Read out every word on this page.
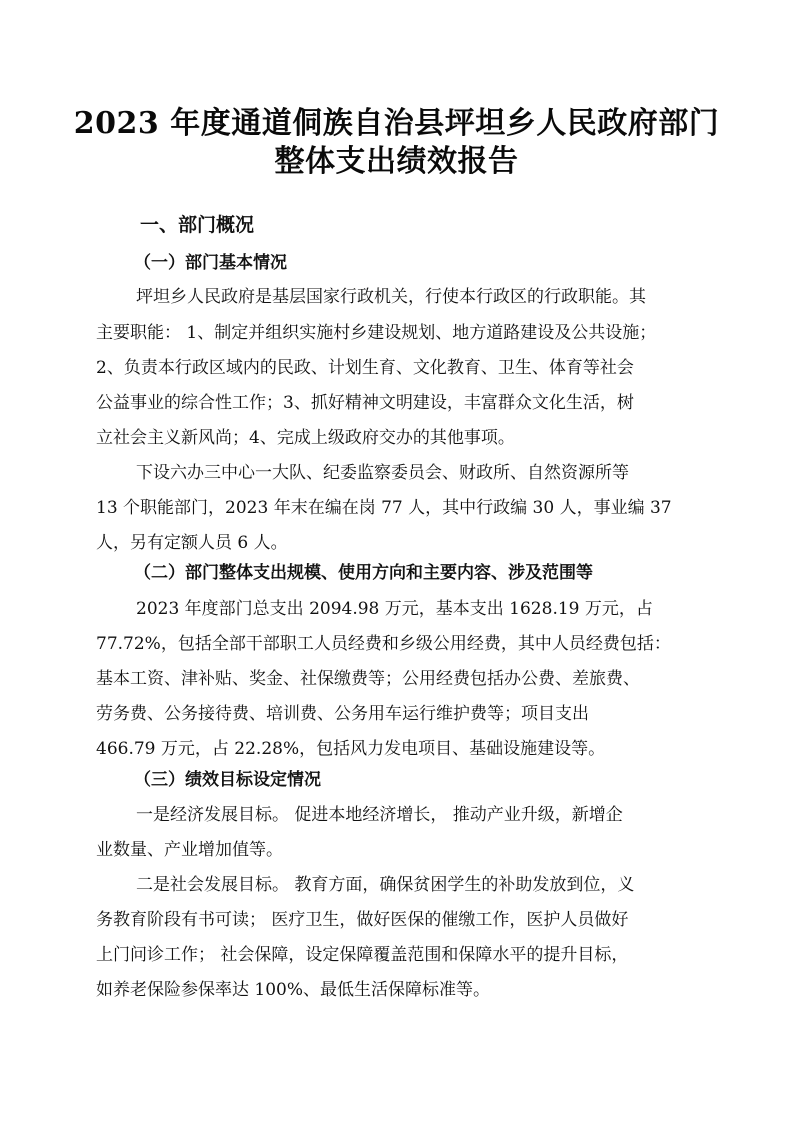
2023 年度通道侗族自治县坪坦乡人民政府部门
整体支出绩效报告
一、部门概况
（一）部门基本情况
坪坦乡人民政府是基层国家行政机关，行使本行政区的行政职能。其
主要职能： 1、制定并组织实施村乡建设规划、地方道路建设及公共设施；
2、负责本行政区域内的民政、计划生育、文化教育、卫生、体育等社会
公益事业的综合性工作；3、抓好精神文明建设，丰富群众文化生活，树
立社会主义新风尚；4、完成上级政府交办的其他事项。
下设六办三中心一大队、纪委监察委员会、财政所、自然资源所等
13 个职能部门，2023 年末在编在岗 77 人，其中行政编 30 人，事业编 37
人，另有定额人员 6 人。
（二）部门整体支出规模、使用方向和主要内容、涉及范围等
2023 年度部门总支出 2094.98 万元，基本支出 1628.19 万元，占
77.72%，包括全部干部职工人员经费和乡级公用经费，其中人员经费包括：
基本工资、津补贴、奖金、社保缴费等；公用经费包括办公费、差旅费、
劳务费、公务接待费、培训费、公务用车运行维护费等；项目支出
466.79 万元，占 22.28%，包括风力发电项目、基础设施建设等。
（三）绩效目标设定情况
一是经济发展目标。 促进本地经济增长， 推动产业升级，新增企
业数量、产业增加值等。
二是社会发展目标。 教育方面，确保贫困学生的补助发放到位，义
务教育阶段有书可读； 医疗卫生，做好医保的催缴工作，医护人员做好
上门问诊工作； 社会保障，设定保障覆盖范围和保障水平的提升目标，
如养老保险参保率达 100%、最低生活保障标准等。
